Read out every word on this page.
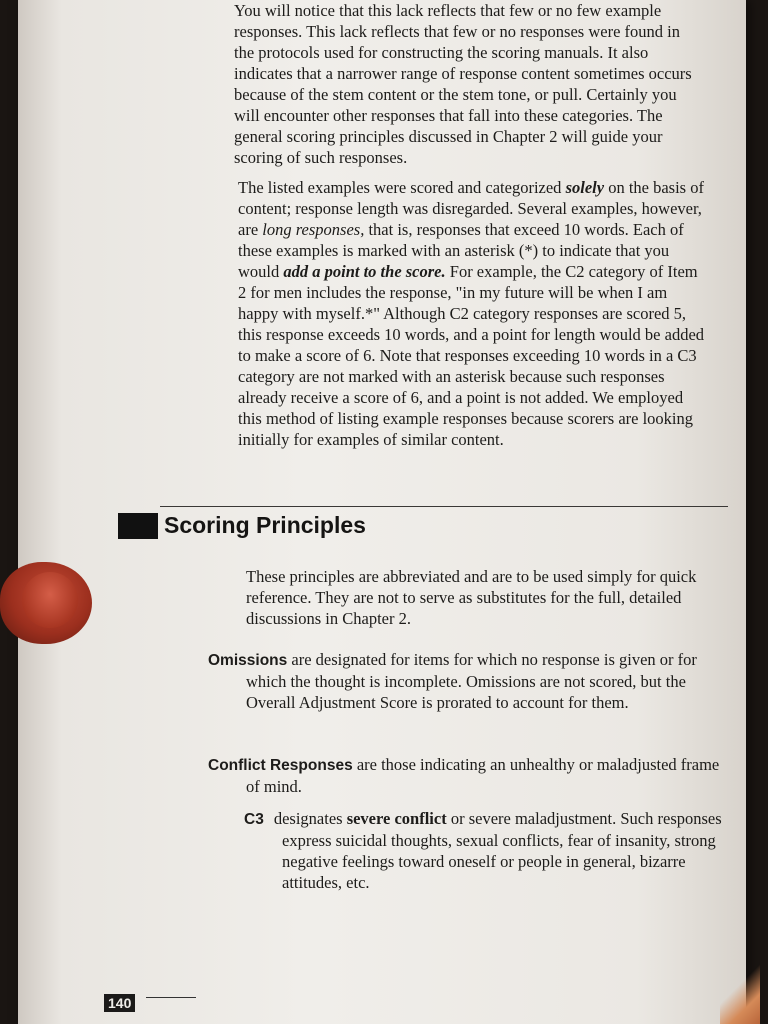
You will notice that this lack reflects that few or no few example responses. This lack reflects that few or no responses were found in the protocols used for constructing the scoring manuals. It also indicates that a narrower range of response content sometimes occurs because of the stem content or the stem tone, or pull. Certainly you will encounter other responses that fall into these categories. The general scoring principles discussed in Chapter 2 will guide your scoring of such responses.

The listed examples were scored and categorized solely on the basis of content; response length was disregarded. Several examples, however, are long responses, that is, responses that exceed 10 words. Each of these examples is marked with an asterisk (*) to indicate that you would add a point to the score. For example, the C2 category of Item 2 for men includes the response, "in my future will be when I am happy with myself.*" Although C2 category responses are scored 5, this response exceeds 10 words, and a point for length would be added to make a score of 6. Note that responses exceeding 10 words in a C3 category are not marked with an asterisk because such responses already receive a score of 6, and a point is not added. We employed this method of listing example responses because scorers are looking initially for examples of similar content.

Scoring Principles

These principles are abbreviated and are to be used simply for quick reference. They are not to serve as substitutes for the full, detailed discussions in Chapter 2.

Omissions are designated for items for which no response is given or for which the thought is incomplete. Omissions are not scored, but the Overall Adjustment Score is prorated to account for them.

Conflict Responses are those indicating an unhealthy or maladjusted frame of mind.

C3 designates severe conflict or severe maladjustment. Such responses express suicidal thoughts, sexual conflicts, fear of insanity, strong negative feelings toward oneself or people in general, bizarre attitudes, etc.

140
